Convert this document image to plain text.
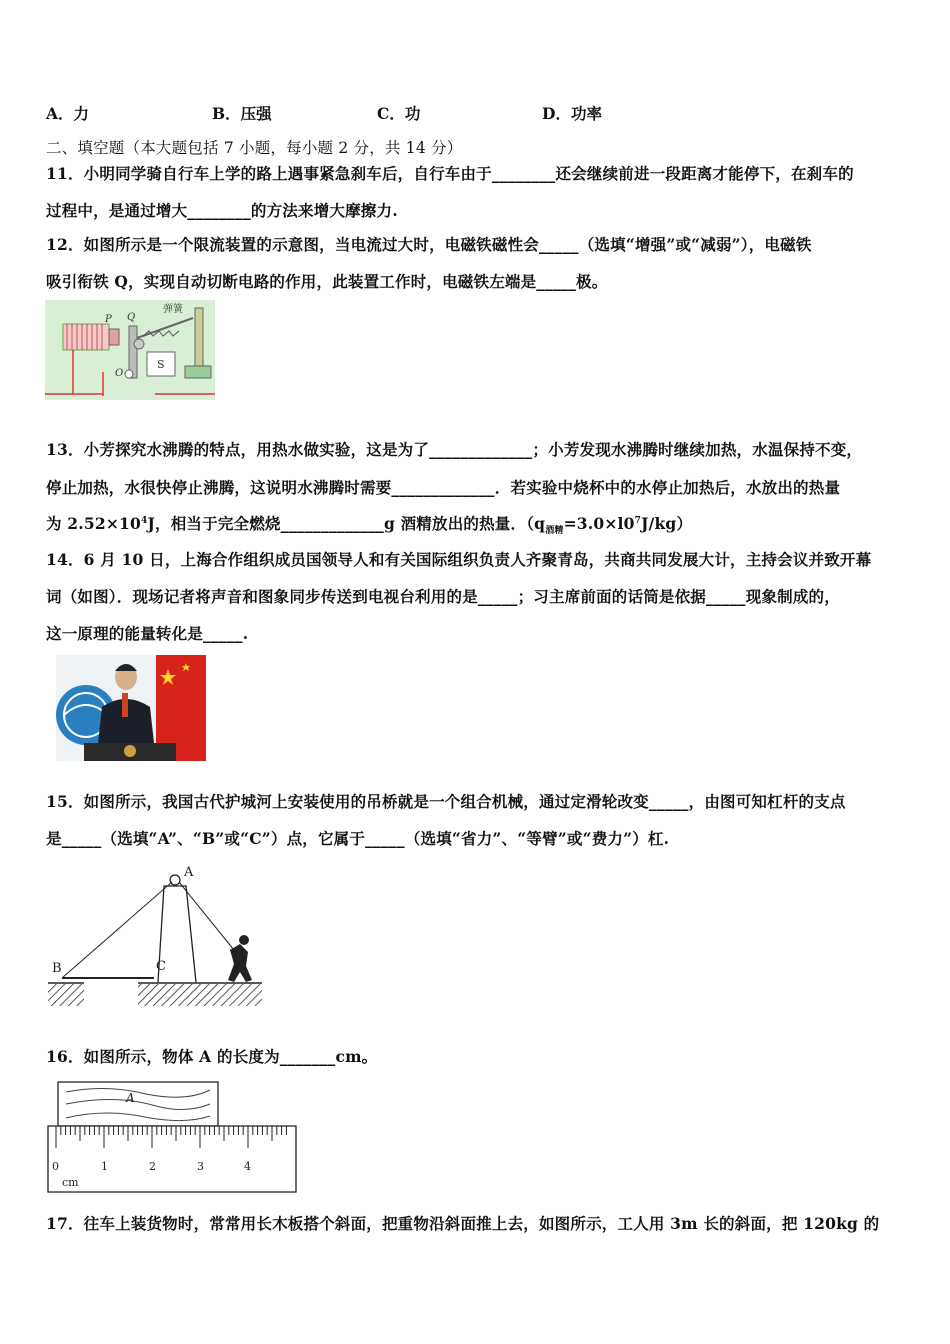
A．力	B．压强	C．功	D．功率
二、填空题（本大题包括 7 小题，每小题 2 分，共 14 分）
11．小明同学骑自行车上学的路上遇事紧急刹车后，自行车由于________还会继续前进一段距离才能停下，在刹车的
过程中，是通过增大________的方法来增大摩擦力.
12．如图所示是一个限流装置的示意图，当电流过大时，电磁铁磁性会_____（选填“增强”或“减弱”），电磁铁
吸引衔铁 Q，实现自动切断电路的作用，此装置工作时，电磁铁左端是_____极。
P Q
弹簧
O
S
13．小芳探究水沸腾的特点，用热水做实验，这是为了_____________；小芳发现水沸腾时继续加热，水温保持不变，
停止加热，水很快停止沸腾，这说明水沸腾时需要_____________．若实验中烧杯中的水停止加热后，水放出的热量
为 $2.52\times 10^4J$，相当于完全燃烧_____________g 酒精放出的热量．$(q_{酒精}=3.0\times l0^7J/kg)$
14．6 月 10 日，上海合作组织成员国领导人和有关国际组织负责人齐聚青岛，共商共同发展大计，主持会议并致开幕
词（如图）．现场记者将声音和图象同步传送到电视台利用的是_____；习主席前面的话筒是依据_____现象制成的，
这一原理的能量转化是_____.
15．如图所示，我国古代护城河上安装使用的吊桥就是一个组合机械，通过定滑轮改变_____，由图可知杠杆的支点
是_____（选填“A”、“B”或“C”）点，它属于_____（选填“省力”、“等臂”或“费力”）杠.
B	C
A
16．如图所示，物体 A 的长度为_______cm。
A
0	1	2	3	4
cm
17．往车上装货物时，常常用长木板搭个斜面，把重物沿斜面推上去，如图所示，工人用 3m 长的斜面，把 120kg 的
